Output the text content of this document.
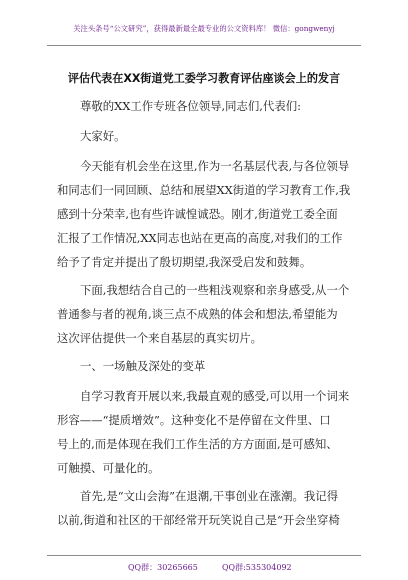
关注头条号“公文研究”，获得最新最全最专业的公文资料库！ 微信：gongwenyj
评估代表在XX街道党工委学习教育评估座谈会上的发言
尊敬的XX工作专班各位领导,同志们,代表们:
大家好。
今天能有机会坐在这里,作为一名基层代表,与各位领导
和同志们一同回顾、总结和展望XX街道的学习教育工作,我
感到十分荣幸,也有些许诚惶诚恐。刚才,街道党工委全面
汇报了工作情况,XX同志也站在更高的高度,对我们的工作
给予了肯定并提出了殷切期望,我深受启发和鼓舞。
下面,我想结合自己的一些粗浅观察和亲身感受,从一个
普通参与者的视角,谈三点不成熟的体会和想法,希望能为
这次评估提供一个来自基层的真实切片。
一、一场触及深处的变革
自学习教育开展以来,我最直观的感受,可以用一个词来
形容——“提质增效”。这种变化不是停留在文件里、口
号上的,而是体现在我们工作生活的方方面面,是可感知、
可触摸、可量化的。
首先,是“文山会海”在退潮,干事创业在涨潮。我记得
以前,街道和社区的干部经常开玩笑说自己是“开会坐穿椅
QQ群：30265665	QQ群:535304092
